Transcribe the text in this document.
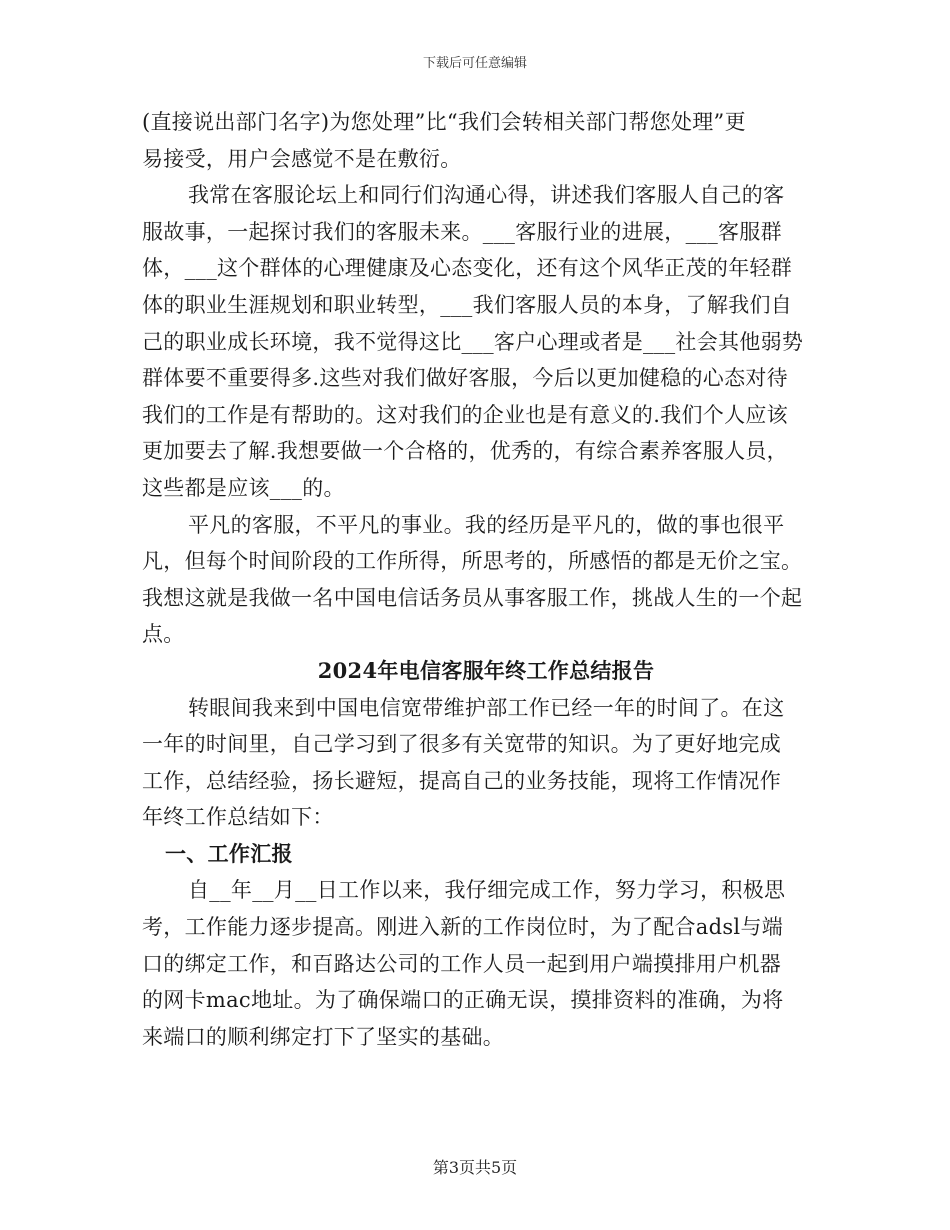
下载后可任意编辑
(直接说出部门名字)为您处理”比“我们会转相关部门帮您处理”更
易接受，用户会感觉不是在敷衍。
我常在客服论坛上和同行们沟通心得，讲述我们客服人自己的客
服故事，一起探讨我们的客服未来。___客服行业的进展，___客服群
体，___这个群体的心理健康及心态变化，还有这个风华正茂的年轻群
体的职业生涯规划和职业转型，___我们客服人员的本身，了解我们自
己的职业成长环境，我不觉得这比___客户心理或者是___社会其他弱势
群体要不重要得多.这些对我们做好客服，今后以更加健稳的心态对待
我们的工作是有帮助的。这对我们的企业也是有意义的.我们个人应该
更加要去了解.我想要做一个合格的，优秀的，有综合素养客服人员，
这些都是应该___的。
平凡的客服，不平凡的事业。我的经历是平凡的，做的事也很平
凡，但每个时间阶段的工作所得，所思考的，所感悟的都是无价之宝。
我想这就是我做一名中国电信话务员从事客服工作，挑战人生的一个起
点。
2024年电信客服年终工作总结报告
转眼间我来到中国电信宽带维护部工作已经一年的时间了。在这
一年的时间里，自己学习到了很多有关宽带的知识。为了更好地完成
工作，总结经验，扬长避短，提高自己的业务技能，现将工作情况作
年终工作总结如下：
一、工作汇报
自__年__月__日工作以来，我仔细完成工作，努力学习，积极思
考，工作能力逐步提高。刚进入新的工作岗位时，为了配合adsl与端
口的绑定工作，和百路达公司的工作人员一起到用户端摸排用户机器
的网卡mac地址。为了确保端口的正确无误，摸排资料的准确，为将
来端口的顺利绑定打下了坚实的基础。
第3页共5页
